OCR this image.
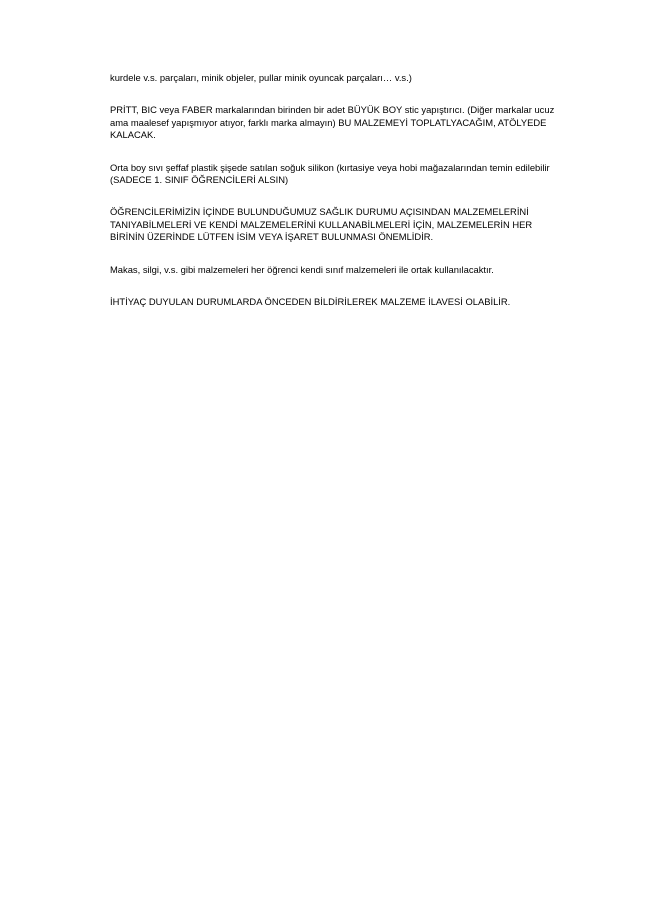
kurdele v.s. parçaları, minik objeler, pullar minik oyuncak parçaları… v.s.)

PRİTT, BIC veya FABER markalarından birinden bir adet BÜYÜK BOY stic yapıştırıcı. (Diğer markalar ucuz
ama maalesef yapışmıyor atıyor, farklı marka almayın) BU MALZEMEYİ TOPLATLYACAĞIM, ATÖLYEDE
KALACAK.

Orta boy sıvı şeffaf plastik şişede satılan soğuk silikon (kırtasiye veya hobi mağazalarından temin edilebilir
(SADECE 1. SINIF ÖĞRENCİLERİ ALSIN)

ÖĞRENCİLERİMİZİN İÇİNDE BULUNDUĞUMUZ SAĞLIK DURUMU AÇISINDAN MALZEMELERİNİ
TANIYABİLMELERİ VE KENDİ MALZEMELERİNİ KULLANABİLMELERİ İÇİN, MALZEMELERİN HER
BİRİNİN ÜZERİNDE LÜTFEN İSİM VEYA İŞARET BULUNMASI ÖNEMLİDİR.

Makas, silgi, v.s. gibi malzemeleri her öğrenci kendi sınıf malzemeleri ile ortak kullanılacaktır.

İHTİYAÇ DUYULAN DURUMLARDA ÖNCEDEN BİLDİRİLEREK MALZEME İLAVESİ OLABİLİR.
